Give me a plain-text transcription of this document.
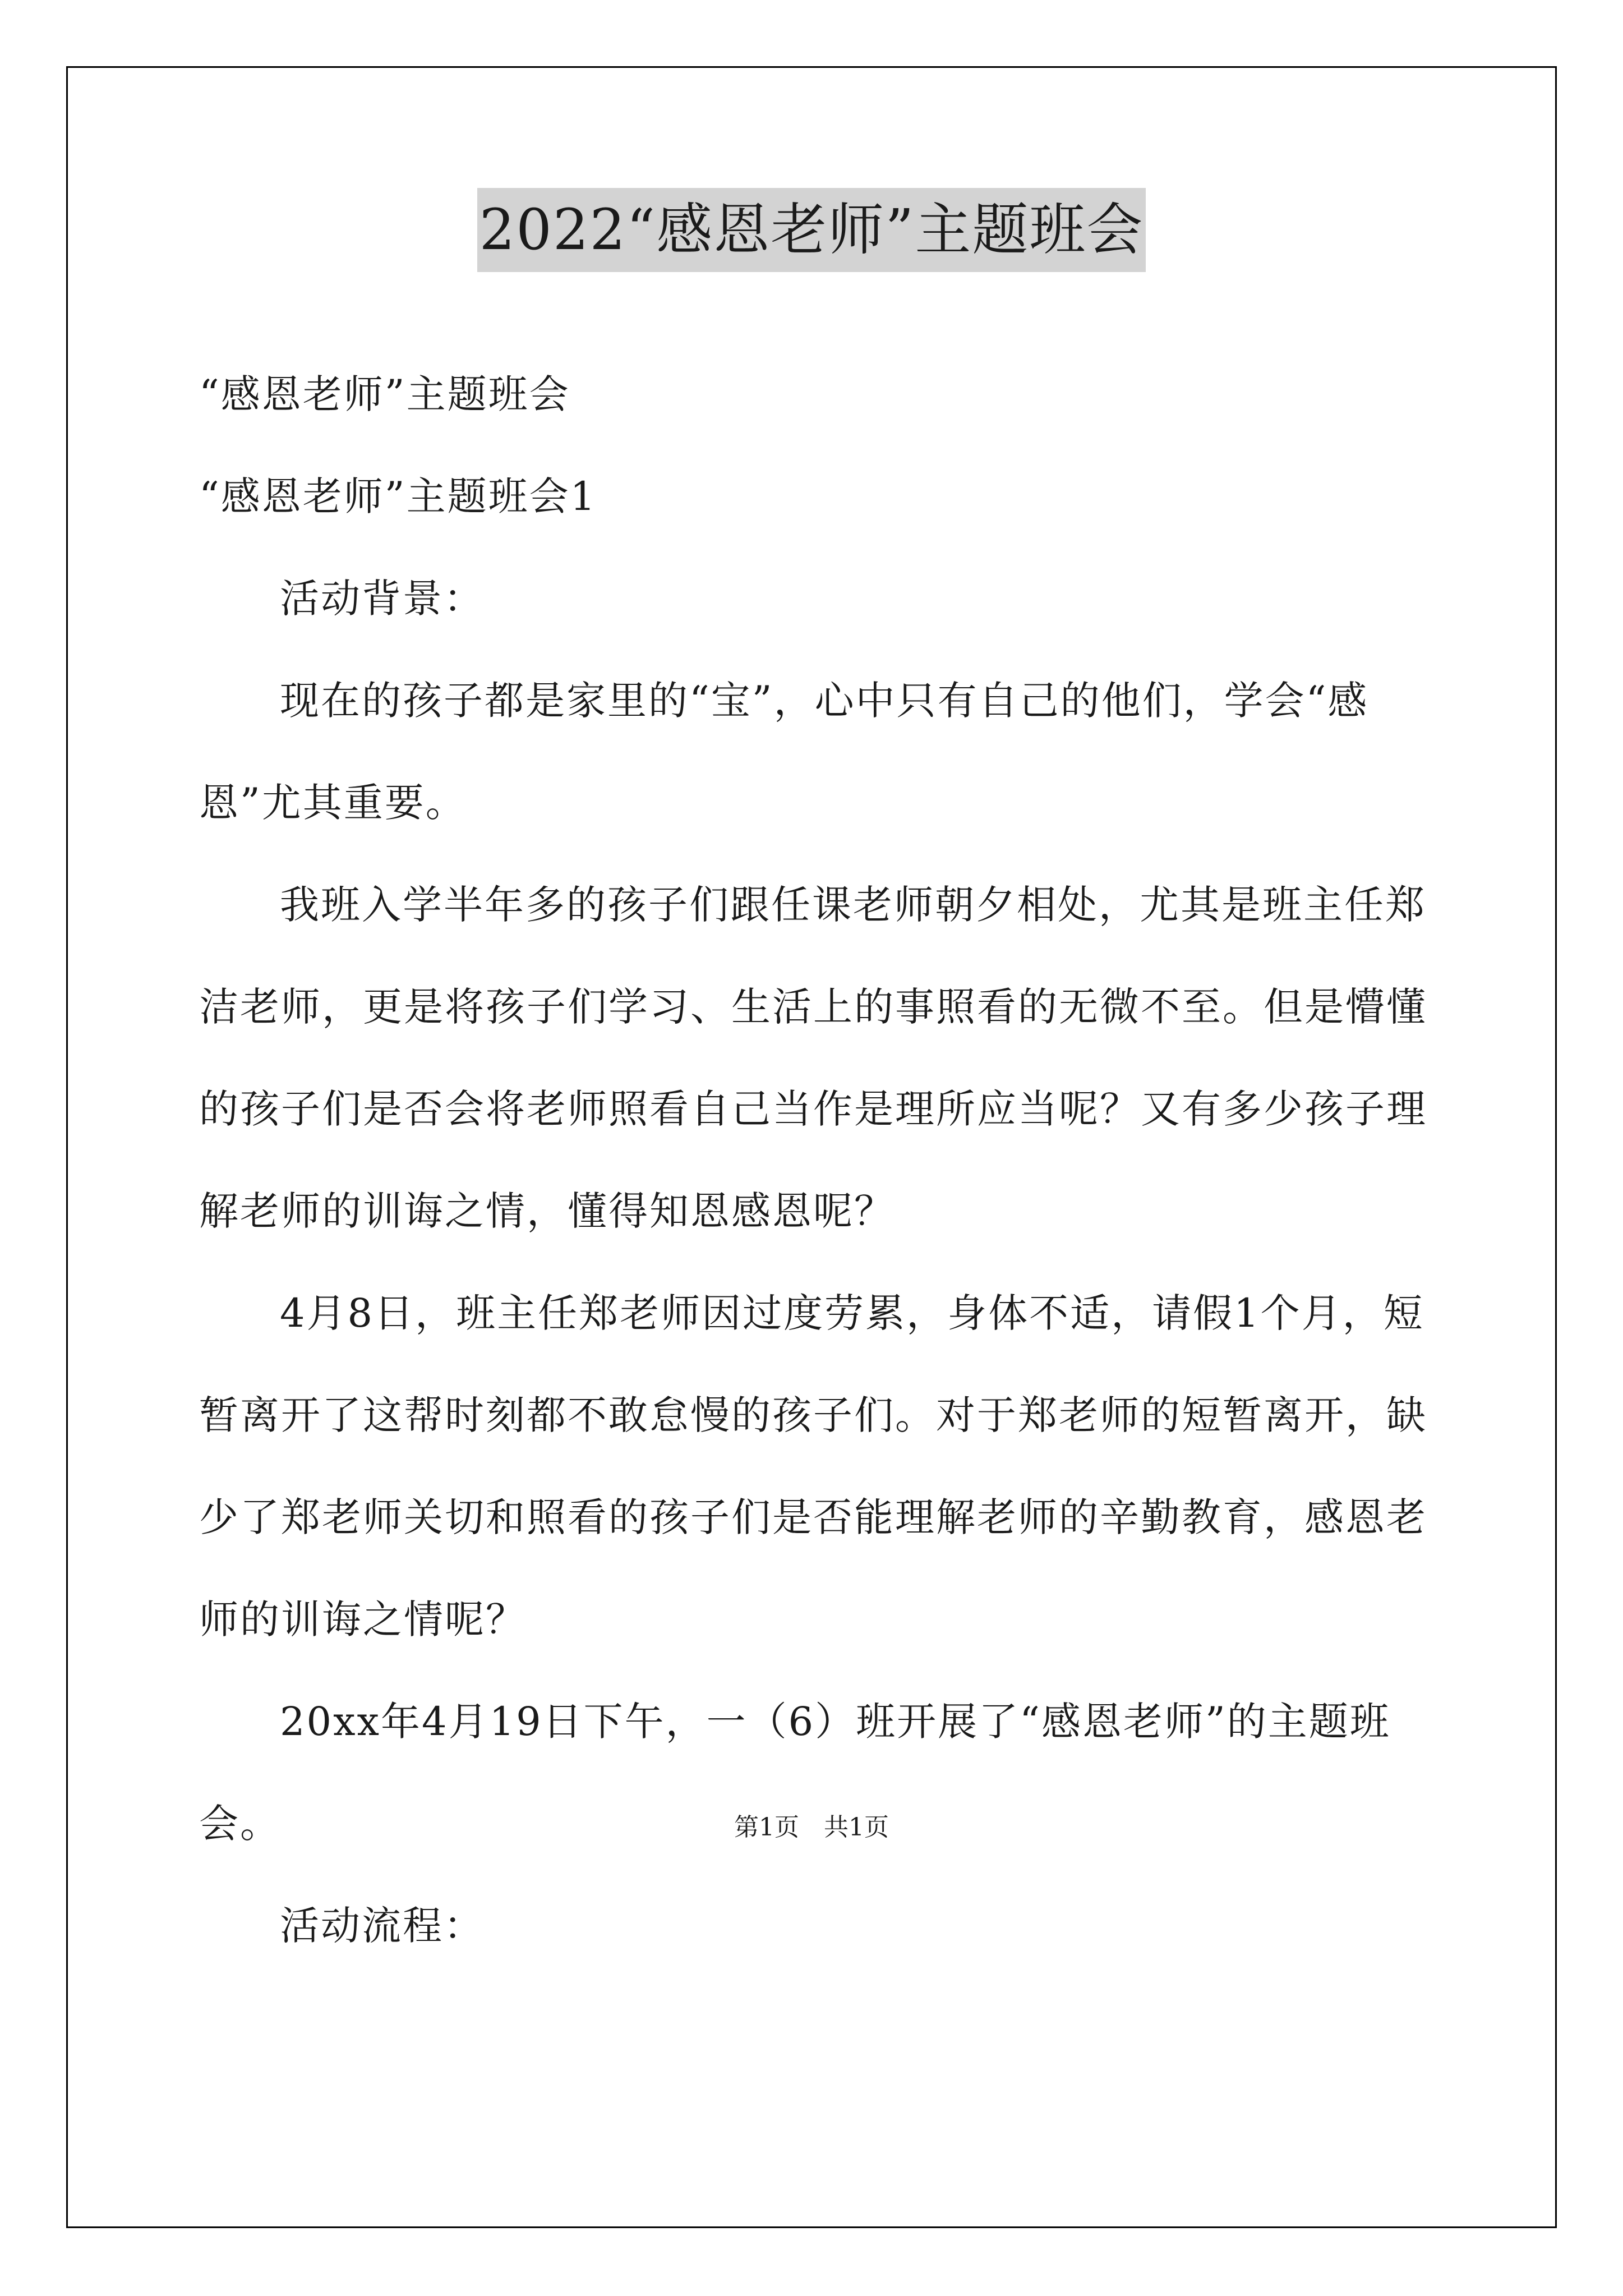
2022“感恩老师”主题班会

“感恩老师”主题班会

“感恩老师”主题班会1

活动背景：

现在的孩子都是家里的“宝”，心中只有自己的他们，学会“感恩”尤其重要。

我班入学半年多的孩子们跟任课老师朝夕相处，尤其是班主任郑洁老师，更是将孩子们学习、生活上的事照看的无微不至。但是懵懂的孩子们是否会将老师照看自己当作是理所应当呢？又有多少孩子理解老师的训诲之情，懂得知恩感恩呢？

4月8日，班主任郑老师因过度劳累，身体不适，请假1个月，短暂离开了这帮时刻都不敢怠慢的孩子们。对于郑老师的短暂离开，缺少了郑老师关切和照看的孩子们是否能理解老师的辛勤教育，感恩老师的训诲之情呢？

20xx年4月19日下午，一（6）班开展了“感恩老师”的主题班会。

活动流程：

第1页　共1页
